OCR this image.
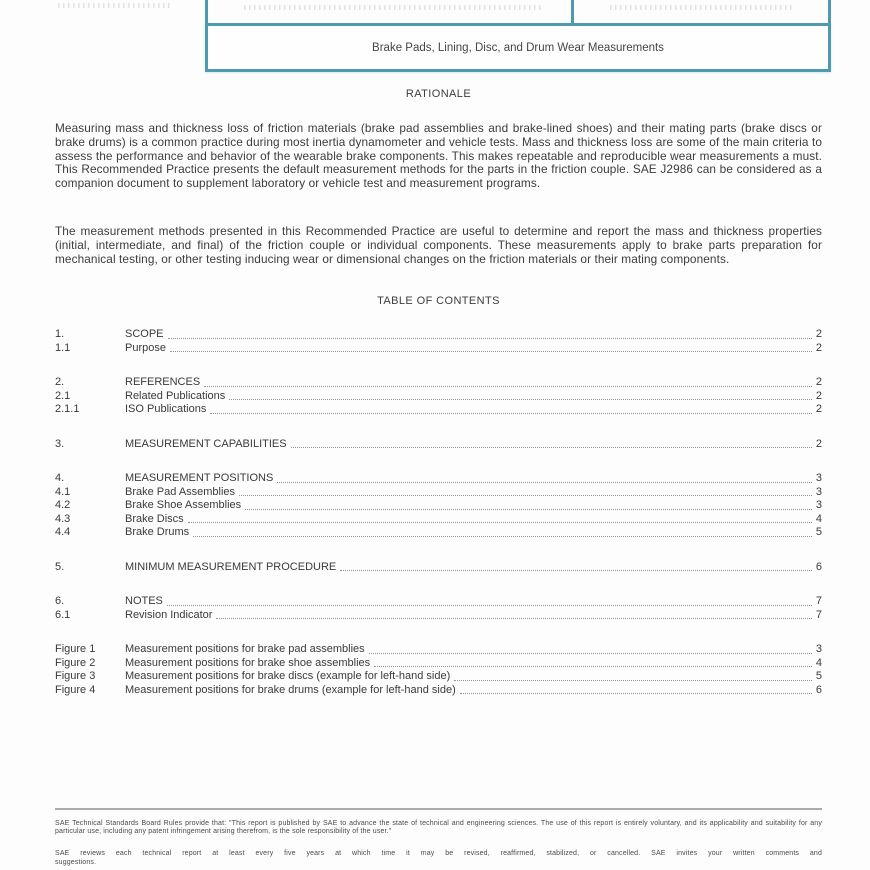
Brake Pads, Lining, Disc, and Drum Wear Measurements
RATIONALE

Measuring mass and thickness loss of friction materials (brake pad assemblies and brake-lined shoes) and their mating parts (brake discs or brake drums) is a common practice during most inertia dynamometer and vehicle tests. Mass and thickness loss are some of the main criteria to assess the performance and behavior of the wearable brake components. This makes repeatable and reproducible wear measurements a must. This Recommended Practice presents the default measurement methods for the parts in the friction couple. SAE J2986 can be considered as a companion document to supplement laboratory or vehicle test and measurement programs.

The measurement methods presented in this Recommended Practice are useful to determine and report the mass and thickness properties (initial, intermediate, and final) of the friction couple or individual components. These measurements apply to brake parts preparation for mechanical testing, or other testing inducing wear or dimensional changes on the friction materials or their mating components.

TABLE OF CONTENTS
1.	SCOPE	2
1.1	Purpose	2
2.	REFERENCES	2
2.1	Related Publications	2
2.1.1	ISO Publications	2
3.	MEASUREMENT CAPABILITIES	2
4.	MEASUREMENT POSITIONS	3
4.1	Brake Pad Assemblies	3
4.2	Brake Shoe Assemblies	3
4.3	Brake Discs	4
4.4	Brake Drums	5
5.	MINIMUM MEASUREMENT PROCEDURE	6
6.	NOTES	7
6.1	Revision Indicator	7
Figure 1	Measurement positions for brake pad assemblies	3
Figure 2	Measurement positions for brake shoe assemblies	4
Figure 3	Measurement positions for brake discs (example for left-hand side)	5
Figure 4	Measurement positions for brake drums (example for left-hand side)	6

SAE Technical Standards Board Rules provide that: "This report is published by SAE to advance the state of technical and engineering sciences. The use of this report is entirely voluntary, and its applicability and suitability for any particular use, including any patent infringement arising therefrom, is the sole responsibility of the user."

SAE reviews each technical report at least every five years at which time it may be revised, reaffirmed, stabilized, or cancelled. SAE invites your written comments and
suggestions.
